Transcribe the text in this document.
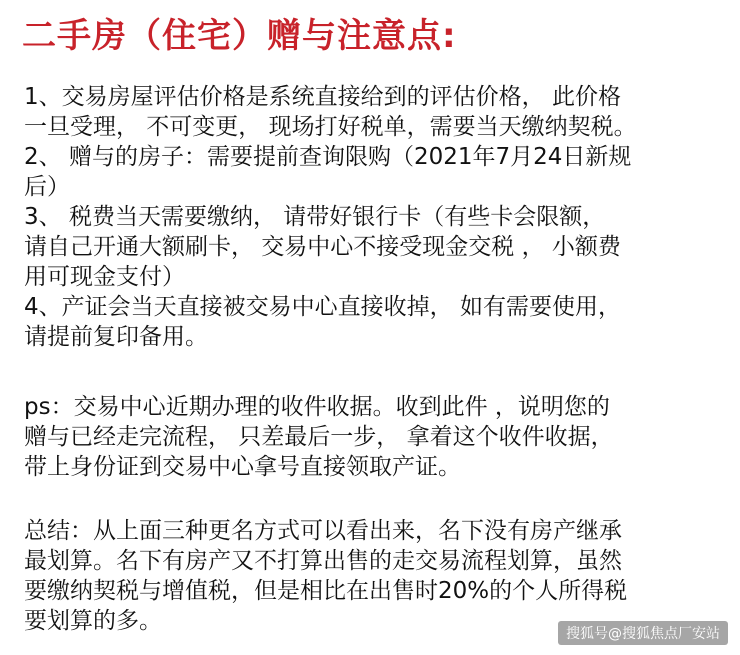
二手房（住宅）赠与注意点:
1、交易房屋评估价格是系统直接给到的评估价格， 此价格
一旦受理， 不可变更， 现场打好税单，需要当天缴纳契税。
2、 赠与的房子：需要提前查询限购（2021年7月24日新规
后）
3、 税费当天需要缴纳， 请带好银行卡（有些卡会限额，
请自己开通大额刷卡， 交易中心不接受现金交税 ， 小额费
用可现金支付）
4、产证会当天直接被交易中心直接收掉， 如有需要使用，
请提前复印备用。
ps：交易中心近期办理的收件收据。收到此件 ，说明您的
赠与已经走完流程， 只差最后一步， 拿着这个收件收据，
带上身份证到交易中心拿号直接领取产证。
总结：从上面三种更名方式可以看出来，名下没有房产继承
最划算。名下有房产又不打算出售的走交易流程划算，虽然
要缴纳契税与增值税，但是相比在出售时20%的个人所得税
要划算的多。	搜狐号@搜狐焦点厂安站
